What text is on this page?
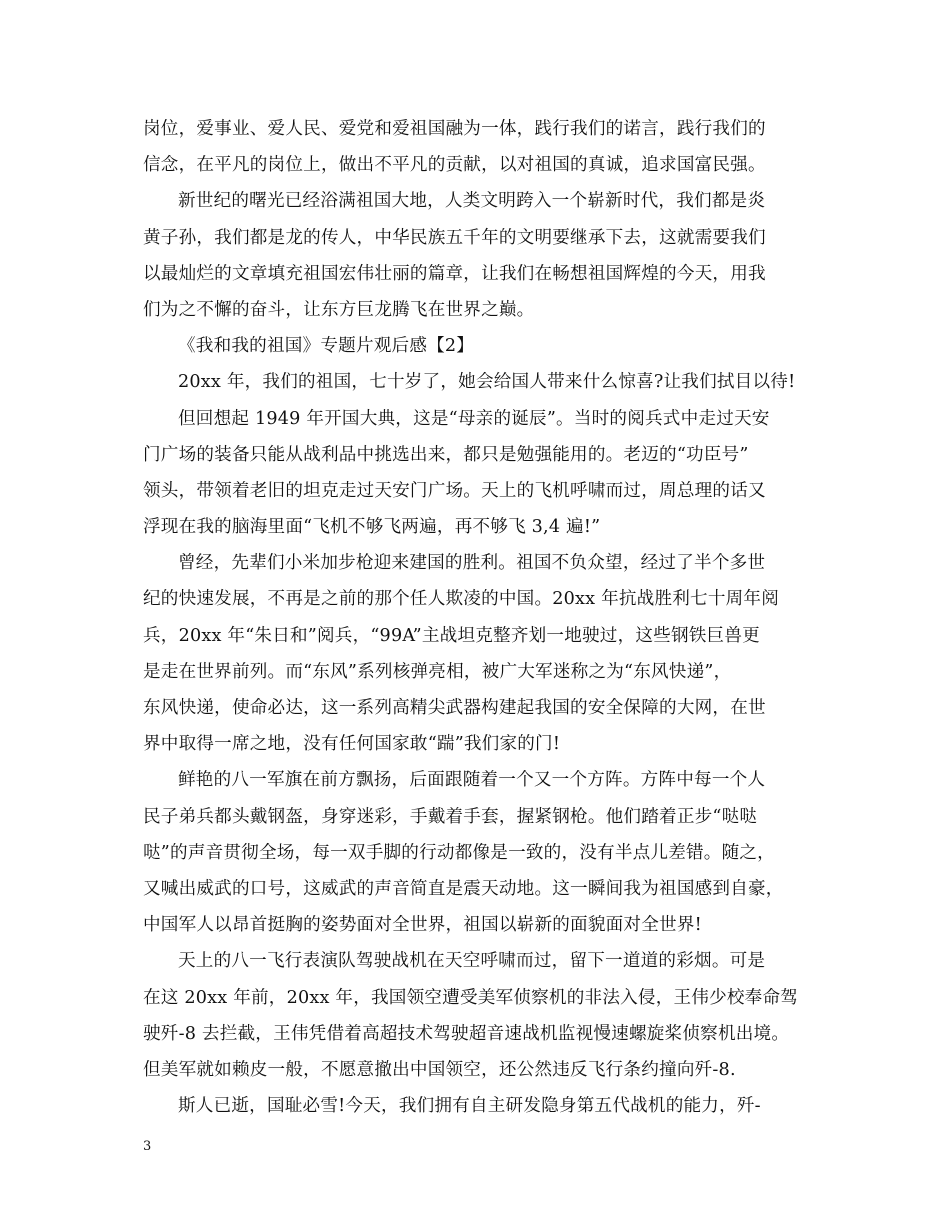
岗位，爱事业、爱人民、爱党和爱祖国融为一体，践行我们的诺言，践行我们的
信念，在平凡的岗位上，做出不平凡的贡献，以对祖国的真诚，追求国富民强。
新世纪的曙光已经浴满祖国大地，人类文明跨入一个崭新时代，我们都是炎
黄子孙，我们都是龙的传人，中华民族五千年的文明要继承下去，这就需要我们
以最灿烂的文章填充祖国宏伟壮丽的篇章，让我们在畅想祖国辉煌的今天，用我
们为之不懈的奋斗，让东方巨龙腾飞在世界之巅。
《我和我的祖国》专题片观后感【2】
20xx 年，我们的祖国，七十岁了，她会给国人带来什么惊喜?让我们拭目以待!
但回想起 1949 年开国大典，这是“母亲的诞辰”。当时的阅兵式中走过天安
门广场的装备只能从战利品中挑选出来，都只是勉强能用的。老迈的“功臣号”
领头，带领着老旧的坦克走过天安门广场。天上的飞机呼啸而过，周总理的话又
浮现在我的脑海里面“飞机不够飞两遍，再不够飞 3,4 遍!”
曾经，先辈们小米加步枪迎来建国的胜利。祖国不负众望，经过了半个多世
纪的快速发展，不再是之前的那个任人欺凌的中国。20xx 年抗战胜利七十周年阅
兵，20xx 年“朱日和”阅兵，“99A”主战坦克整齐划一地驶过，这些钢铁巨兽更
是走在世界前列。而“东风”系列核弹亮相，被广大军迷称之为“东风快递”，
东风快递，使命必达，这一系列高精尖武器构建起我国的安全保障的大网，在世
界中取得一席之地，没有任何国家敢“踹”我们家的门!
鲜艳的八一军旗在前方飘扬，后面跟随着一个又一个方阵。方阵中每一个人
民子弟兵都头戴钢盔，身穿迷彩，手戴着手套，握紧钢枪。他们踏着正步“哒哒
哒”的声音贯彻全场，每一双手脚的行动都像是一致的，没有半点儿差错。随之，
又喊出威武的口号，这威武的声音简直是震天动地。这一瞬间我为祖国感到自豪，
中国军人以昂首挺胸的姿势面对全世界，祖国以崭新的面貌面对全世界!
天上的八一飞行表演队驾驶战机在天空呼啸而过，留下一道道的彩烟。可是
在这 20xx 年前，20xx 年，我国领空遭受美军侦察机的非法入侵，王伟少校奉命驾
驶歼-8 去拦截，王伟凭借着高超技术驾驶超音速战机监视慢速螺旋桨侦察机出境。
但美军就如赖皮一般，不愿意撤出中国领空，还公然违反飞行条约撞向歼-8.
斯人已逝，国耻必雪!今天，我们拥有自主研发隐身第五代战机的能力，歼-
3
